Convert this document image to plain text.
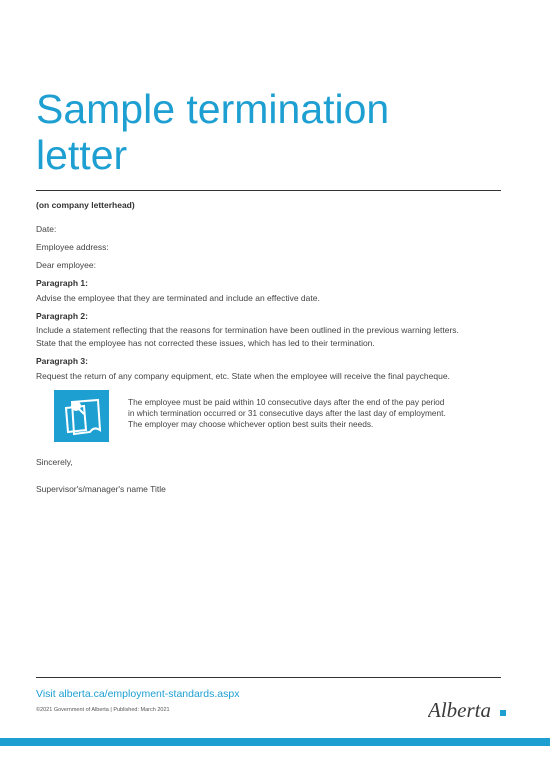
Sample termination
letter
(on company letterhead)
Date:
Employee address:
Dear employee:
Paragraph 1:
Advise the employee that they are terminated and include an effective date.
Paragraph 2:
Include a statement reflecting that the reasons for termination have been outlined in the previous warning letters.
State that the employee has not corrected these issues, which has led to their termination.
Paragraph 3:
Request the return of any company equipment, etc. State when the employee will receive the final paycheque.
The employee must be paid within 10 consecutive days after the end of the pay period
in which termination occurred or 31 consecutive days after the last day of employment.
The employer may choose whichever option best suits their needs.
Sincerely,
Supervisor's/manager's name Title
Visit alberta.ca/employment-standards.aspx
©2021 Government of Alberta | Published: March 2021	Alberta
